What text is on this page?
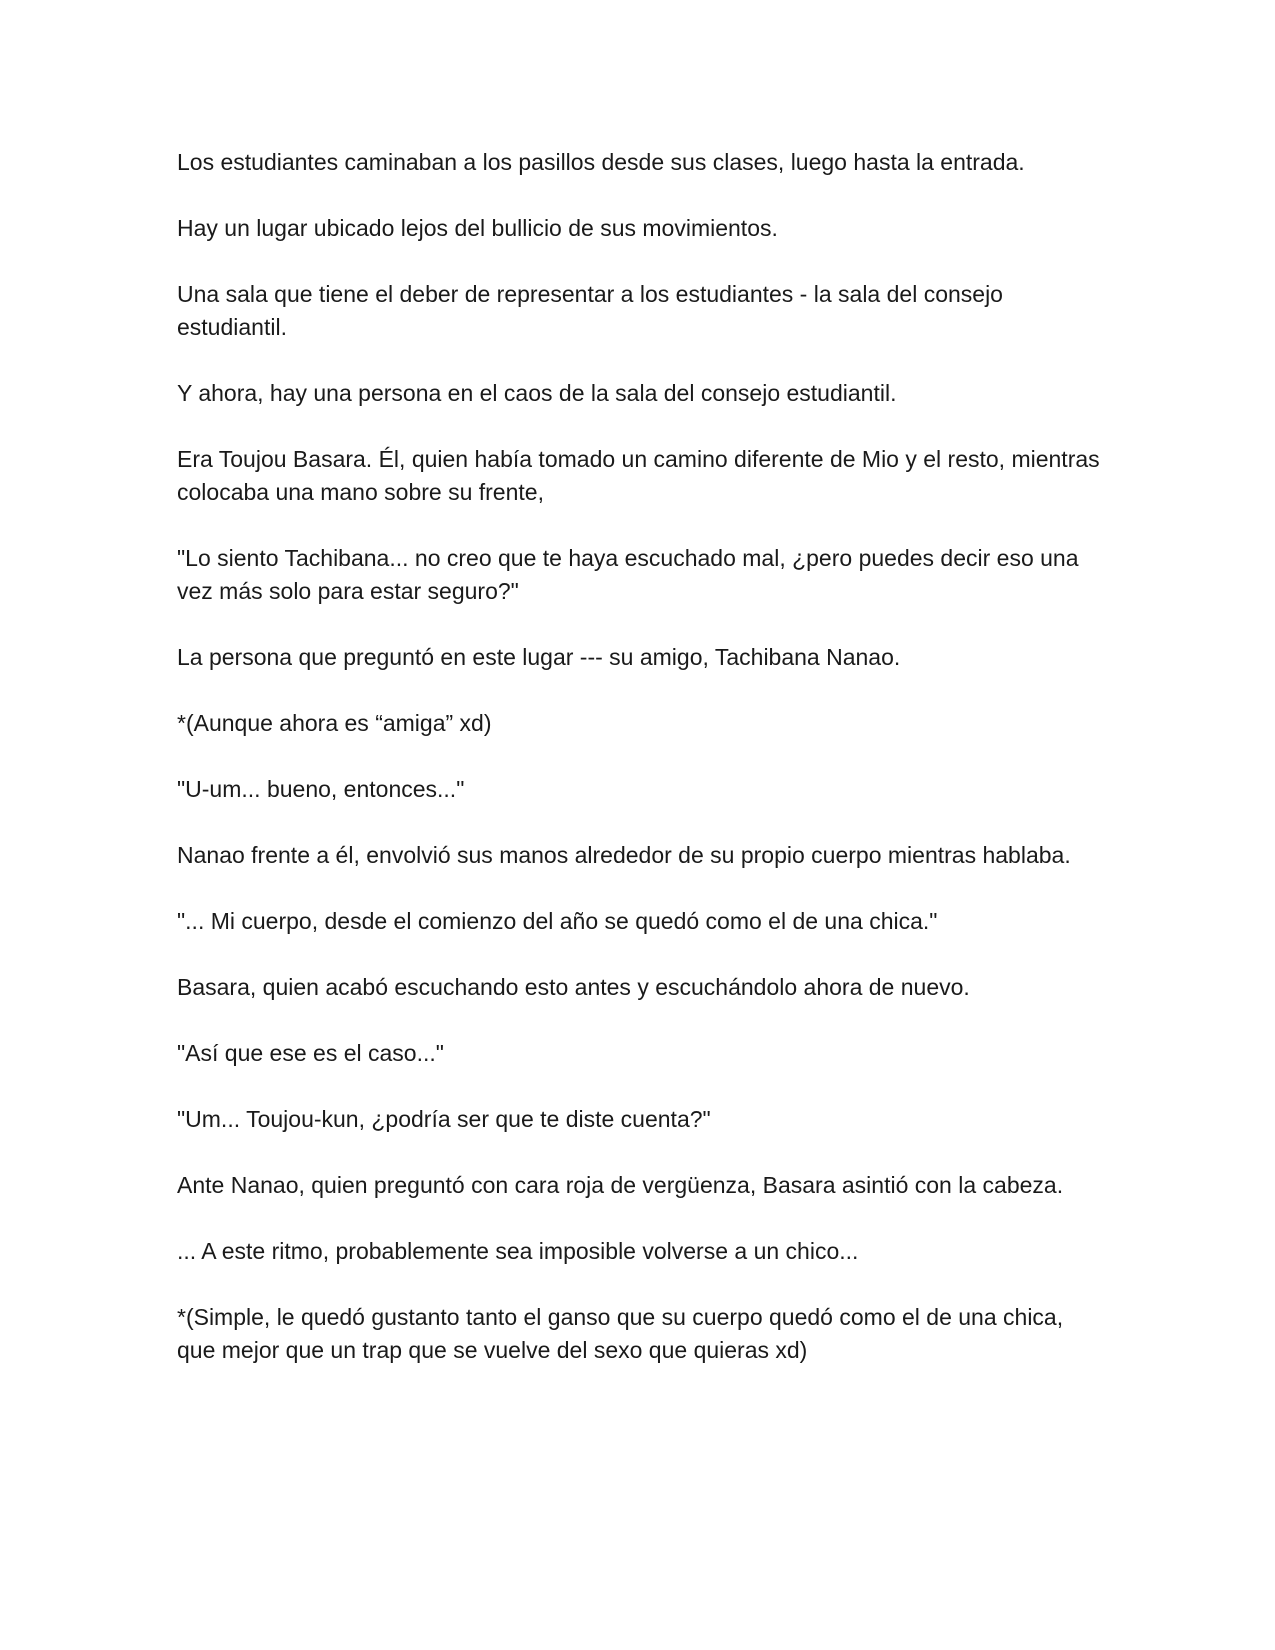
Los estudiantes caminaban a los pasillos desde sus clases, luego hasta la entrada.

Hay un lugar ubicado lejos del bullicio de sus movimientos.

Una sala que tiene el deber de representar a los estudiantes - la sala del consejo estudiantil.

Y ahora, hay una persona en el caos de la sala del consejo estudiantil.

Era Toujou Basara. Él, quien había tomado un camino diferente de Mio y el resto, mientras colocaba una mano sobre su frente,

"Lo siento Tachibana... no creo que te haya escuchado mal, ¿pero puedes decir eso una vez más solo para estar seguro?"

La persona que preguntó en este lugar --- su amigo, Tachibana Nanao.

*(Aunque ahora es “amiga” xd)

"U-um... bueno, entonces..."

Nanao frente a él, envolvió sus manos alrededor de su propio cuerpo mientras hablaba.

"... Mi cuerpo, desde el comienzo del año se quedó como el de una chica."

Basara, quien acabó escuchando esto antes y escuchándolo ahora de nuevo.

"Así que ese es el caso..."

"Um... Toujou-kun, ¿podría ser que te diste cuenta?"

Ante Nanao, quien preguntó con cara roja de vergüenza, Basara asintió con la cabeza.

... A este ritmo, probablemente sea imposible volverse a un chico...

*(Simple, le quedó gustanto tanto el ganso que su cuerpo quedó como el de una chica, que mejor que un trap que se vuelve del sexo que quieras xd)
